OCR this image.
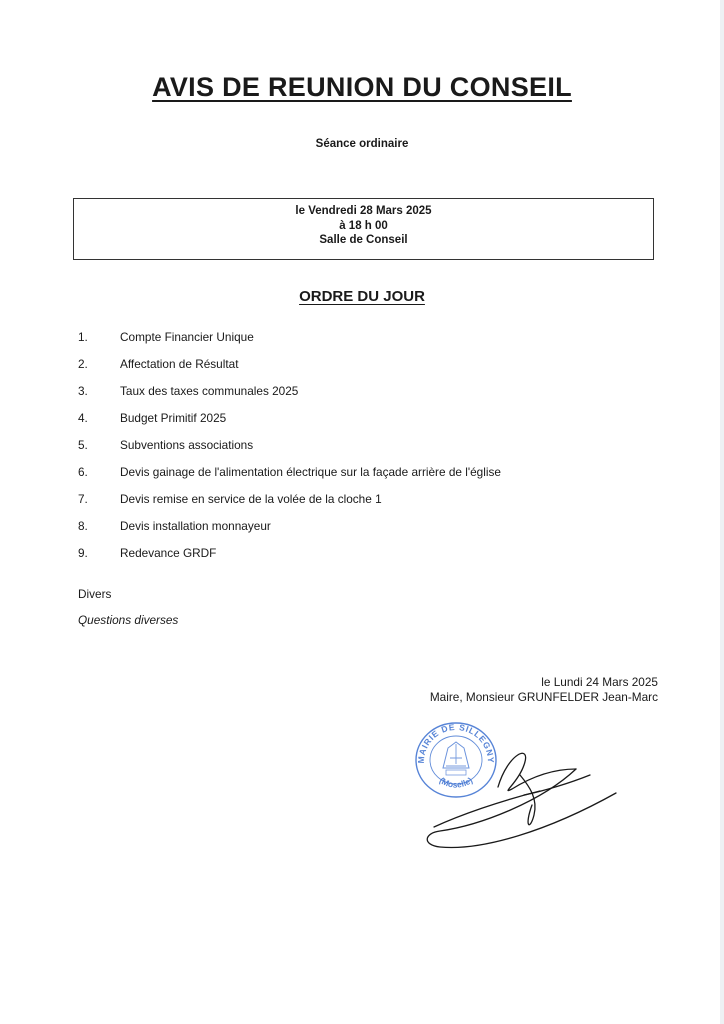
AVIS DE REUNION DU CONSEIL
Séance ordinaire
le Vendredi 28 Mars 2025
à 18 h 00
Salle de Conseil
ORDRE DU JOUR
1.	Compte Financier Unique
2.	Affectation de Résultat
3.	Taux des taxes communales 2025
4.	Budget Primitif 2025
5.	Subventions associations
6.	Devis gainage de l'alimentation électrique sur la façade arrière de l'église
7.	Devis remise en service de la volée de la cloche 1
8.	Devis installation monnayeur
9.	Redevance GRDF
Divers
Questions diverses
le Lundi 24 Mars 2025
Maire, Monsieur GRUNFELDER Jean-Marc
MAIRIE DE SILLEGNY
(Moselle)
